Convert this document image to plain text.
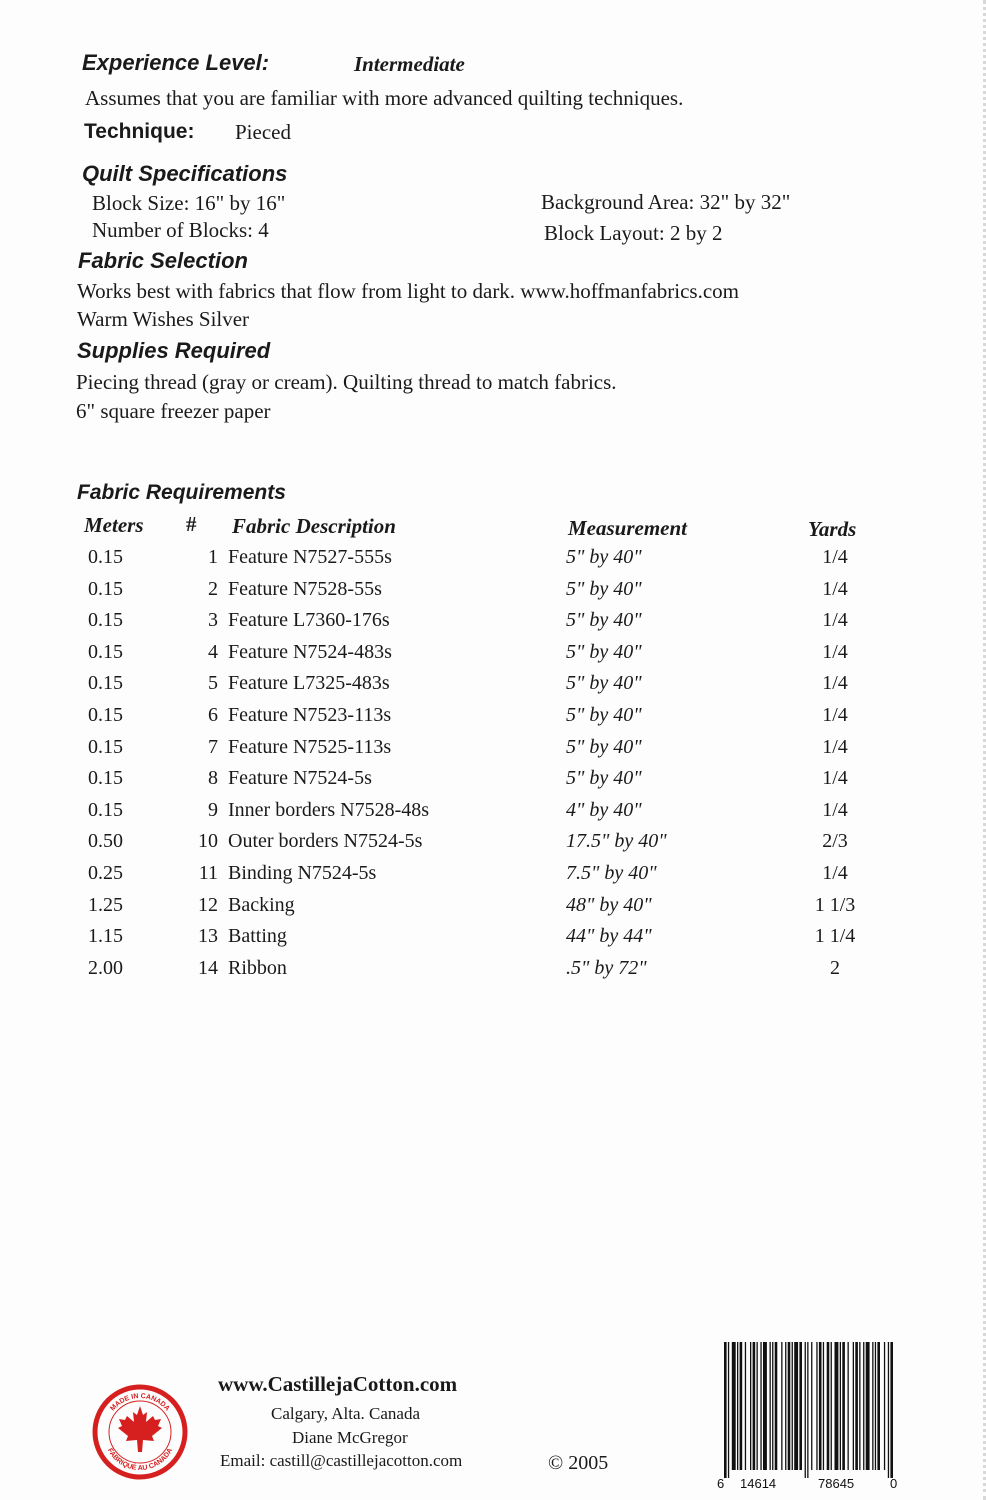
Experience Level:	Intermediate
Assumes that you are familiar with more advanced quilting techniques.
Technique: Pieced
Quilt Specifications
Block Size: 16" by 16"
Number of Blocks: 4
Background Area: 32" by 32"
Block Layout: 2 by 2
Fabric Selection
Works best with fabrics that flow from light to dark. www.hoffmanfabrics.com
Warm Wishes Silver
Supplies Required
Piecing thread (gray or cream). Quilting thread to match fabrics.
6" square freezer paper
Fabric Requirements
Meters # Fabric Description	Measurement	Yards
0.15	1 Feature N7527-555s	5" by 40"	1/4
0.15	2 Feature N7528-55s	5" by 40"	1/4
0.15	3 Feature L7360-176s	5" by 40"	1/4
0.15	4 Feature N7524-483s	5" by 40"	1/4
0.15	5 Feature L7325-483s	5" by 40"	1/4
0.15	6 Feature N7523-113s	5" by 40"	1/4
0.15	7 Feature N7525-113s	5" by 40"	1/4
0.15	8 Feature N7524-5s	5" by 40"	1/4
0.15	9 Inner borders N7528-48s	4" by 40"	1/4
0.50	10 Outer borders N7524-5s	17.5" by 40"	2/3
0.25	11 Binding N7524-5s	7.5" by 40"	1/4
1.25	12 Backing	48" by 40"	1 1/3
1.15	13 Batting	44" by 44"	1 1/4
2.00	14 Ribbon	.5" by 72"	2
MADE IN CANADA
FABRIQUÉ AU CANADA
www.CastillejaCotton.com
Calgary, Alta. Canada
Diane McGregor
Email: castill@castillejacotton.com	© 2005
6 14614	78645	0
